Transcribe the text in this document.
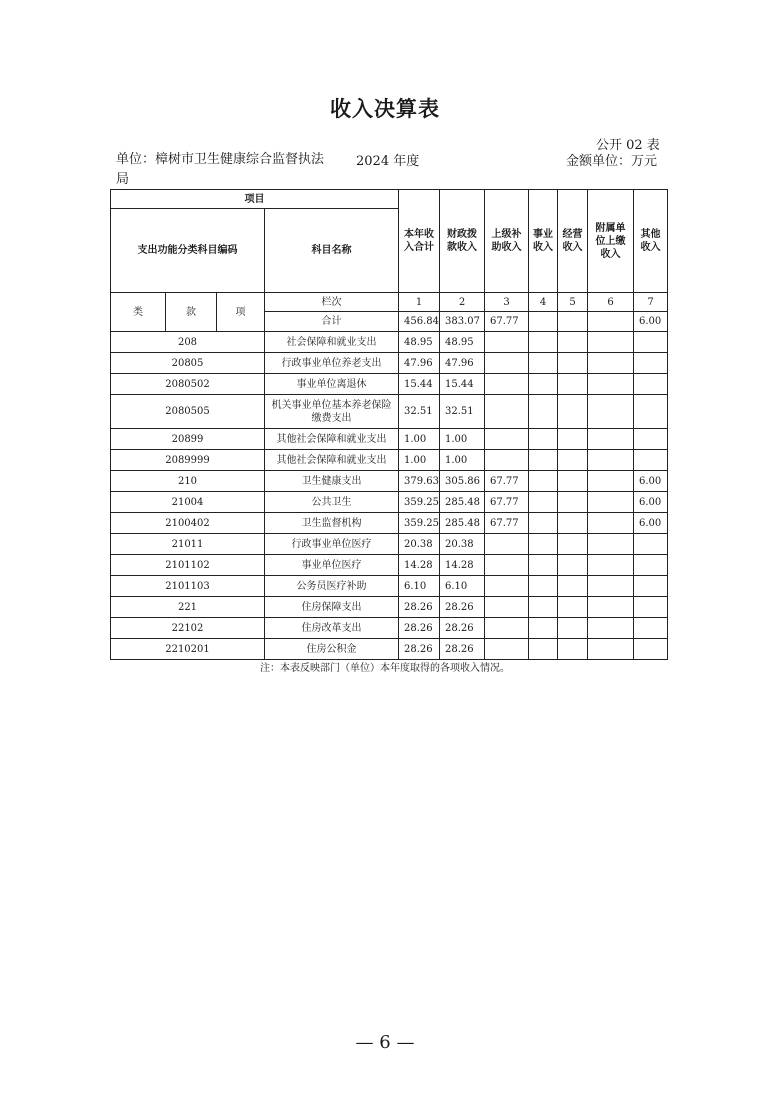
收入决算表
公开 02 表
单位：樟树市卫生健康综合监督执法局
2024 年度	金额单位：万元
项目				本年收入合计	财政拨款收入	上级补助收入	事业收入	经营收入	附属单位上缴收入	其他收入
支出功能分类科目编码			科目名称							
类	款	项	栏次	1	2	3	4	5	6	7
			合计	456.84	383.07	67.77				6.00
208			社会保障和就业支出	48.95	48.95					
20805			行政事业单位养老支出	47.96	47.96					
2080502			事业单位离退休	15.44	15.44					
2080505			机关事业单位基本养老保险缴费支出	32.51	32.51					
20899			其他社会保障和就业支出	1.00	1.00					
2089999			其他社会保障和就业支出	1.00	1.00					
210			卫生健康支出	379.63	305.86	67.77				6.00
21004			公共卫生	359.25	285.48	67.77				6.00
2100402			卫生监督机构	359.25	285.48	67.77				6.00
21011			行政事业单位医疗	20.38	20.38					
2101102			事业单位医疗	14.28	14.28					
2101103			公务员医疗补助	6.10	6.10					
221			住房保障支出	28.26	28.26					
22102			住房改革支出	28.26	28.26					
2210201			住房公积金	28.26	28.26					
注：本表反映部门（单位）本年度取得的各项收入情况。
— 6 —
